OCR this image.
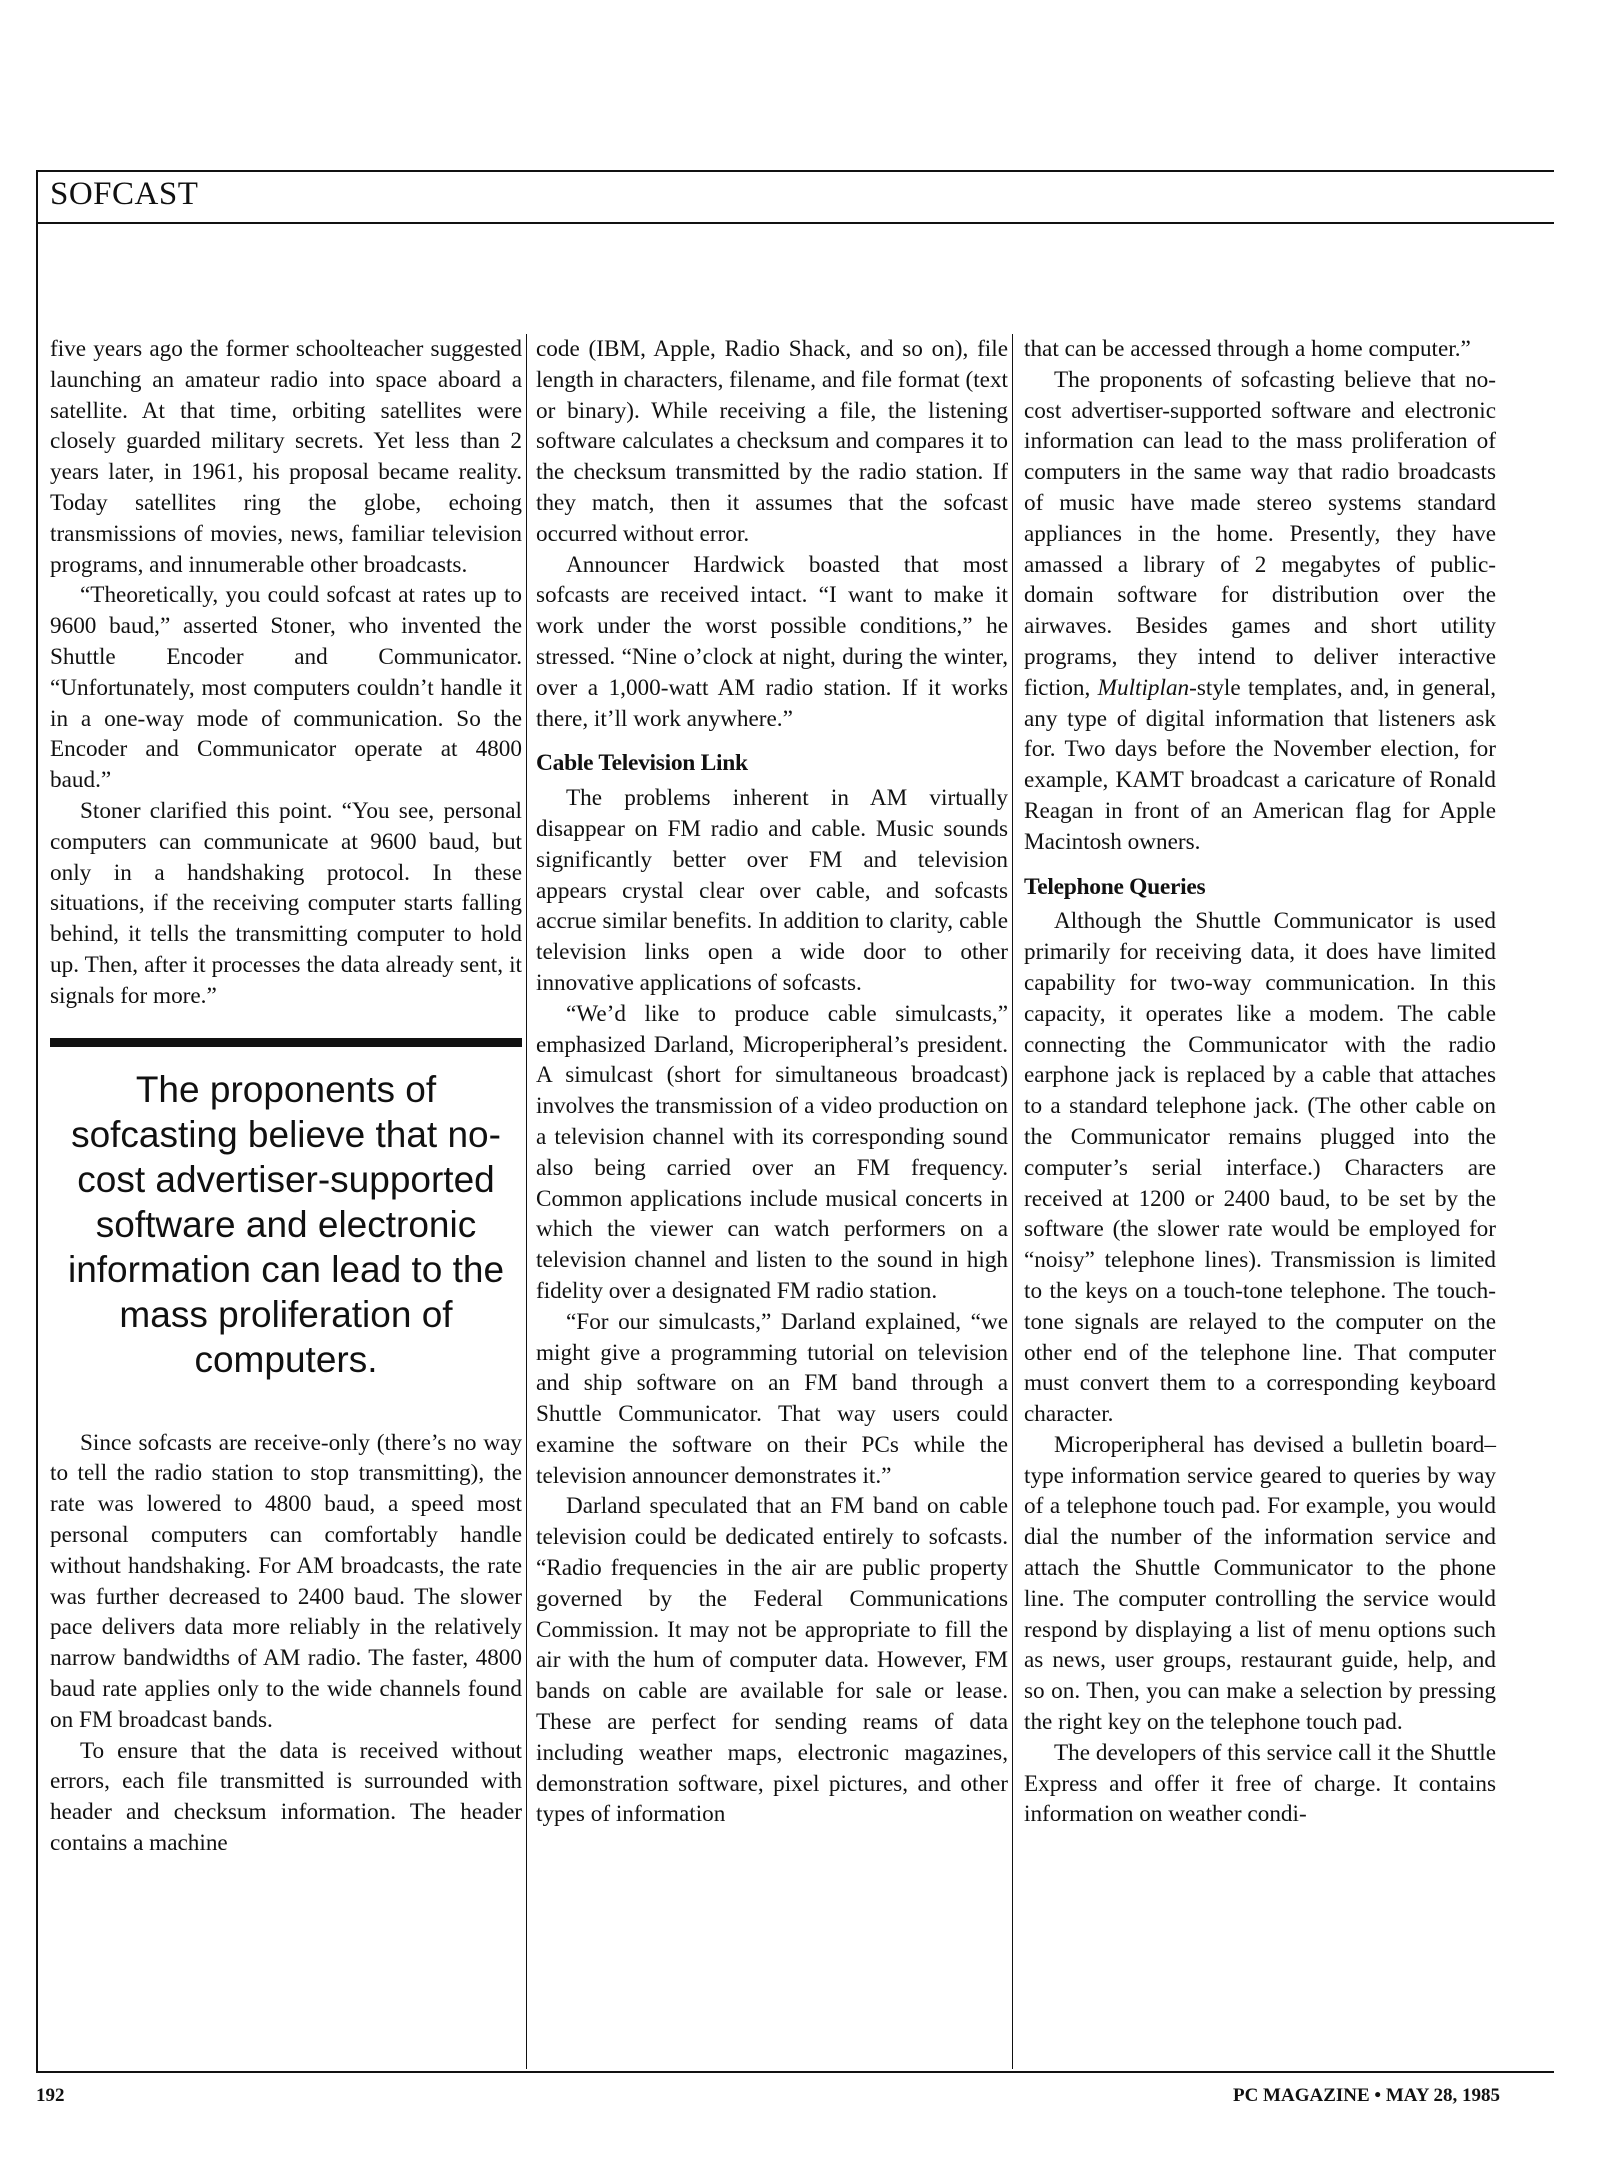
SOFCAST

five years ago the former schoolteacher suggested launching an amateur radio into space aboard a satellite. At that time, orbiting satellites were closely guarded military secrets. Yet less than 2 years later, in 1961, his proposal became reality. Today satellites ring the globe, echoing transmissions of movies, news, familiar television programs, and innumerable other broadcasts.

“Theoretically, you could sofcast at rates up to 9600 baud,” asserted Stoner, who invented the Shuttle Encoder and Communicator. “Unfortunately, most computers couldn’t handle it in a one-way mode of communication. So the Encoder and Communicator operate at 4800 baud.”

Stoner clarified this point. “You see, personal computers can communicate at 9600 baud, but only in a handshaking protocol. In these situations, if the receiving computer starts falling behind, it tells the transmitting computer to hold up. Then, after it processes the data already sent, it signals for more.”

The proponents of sofcasting believe that no-cost advertiser-supported software and electronic information can lead to the mass proliferation of computers.

Since sofcasts are receive-only (there’s no way to tell the radio station to stop transmitting), the rate was lowered to 4800 baud, a speed most personal computers can comfortably handle without handshaking. For AM broadcasts, the rate was further decreased to 2400 baud. The slower pace delivers data more reliably in the relatively narrow bandwidths of AM radio. The faster, 4800 baud rate applies only to the wide channels found on FM broadcast bands.

To ensure that the data is received without errors, each file transmitted is surrounded with header and checksum information. The header contains a machine

code (IBM, Apple, Radio Shack, and so on), file length in characters, filename, and file format (text or binary). While receiving a file, the listening software calculates a checksum and compares it to the checksum transmitted by the radio station. If they match, then it assumes that the sofcast occurred without error.

Announcer Hardwick boasted that most sofcasts are received intact. “I want to make it work under the worst possible conditions,” he stressed. “Nine o’clock at night, during the winter, over a 1,000-watt AM radio station. If it works there, it’ll work anywhere.”

Cable Television Link

The problems inherent in AM virtually disappear on FM radio and cable. Music sounds significantly better over FM and television appears crystal clear over cable, and sofcasts accrue similar benefits. In addition to clarity, cable television links open a wide door to other innovative applications of sofcasts.

“We’d like to produce cable simulcasts,” emphasized Darland, Microperipheral’s president. A simulcast (short for simultaneous broadcast) involves the transmission of a video production on a television channel with its corresponding sound also being carried over an FM frequency. Common applications include musical concerts in which the viewer can watch performers on a television channel and listen to the sound in high fidelity over a designated FM radio station.

“For our simulcasts,” Darland explained, “we might give a programming tutorial on television and ship software on an FM band through a Shuttle Communicator. That way users could examine the software on their PCs while the television announcer demonstrates it.”

Darland speculated that an FM band on cable television could be dedicated entirely to sofcasts. “Radio frequencies in the air are public property governed by the Federal Communications Commission. It may not be appropriate to fill the air with the hum of computer data. However, FM bands on cable are available for sale or lease. These are perfect for sending reams of data including weather maps, electronic magazines, demonstration software, pixel pictures, and other types of information

that can be accessed through a home computer.”

The proponents of sofcasting believe that no-cost advertiser-supported software and electronic information can lead to the mass proliferation of computers in the same way that radio broadcasts of music have made stereo systems standard appliances in the home. Presently, they have amassed a library of 2 megabytes of public-domain software for distribution over the airwaves. Besides games and short utility programs, they intend to deliver interactive fiction, Multiplan-style templates, and, in general, any type of digital information that listeners ask for. Two days before the November election, for example, KAMT broadcast a caricature of Ronald Reagan in front of an American flag for Apple Macintosh owners.

Telephone Queries

Although the Shuttle Communicator is used primarily for receiving data, it does have limited capability for two-way communication. In this capacity, it operates like a modem. The cable connecting the Communicator with the radio earphone jack is replaced by a cable that attaches to a standard telephone jack. (The other cable on the Communicator remains plugged into the computer’s serial interface.) Characters are received at 1200 or 2400 baud, to be set by the software (the slower rate would be employed for “noisy” telephone lines). Transmission is limited to the keys on a touch-tone telephone. The touch-tone signals are relayed to the computer on the other end of the telephone line. That computer must convert them to a corresponding keyboard character.

Microperipheral has devised a bulletin board–type information service geared to queries by way of a telephone touch pad. For example, you would dial the number of the information service and attach the Shuttle Communicator to the phone line. The computer controlling the service would respond by displaying a list of menu options such as news, user groups, restaurant guide, help, and so on. Then, you can make a selection by pressing the right key on the telephone touch pad.

The developers of this service call it the Shuttle Express and offer it free of charge. It contains information on weather condi-

192	PC MAGAZINE • MAY 28, 1985
